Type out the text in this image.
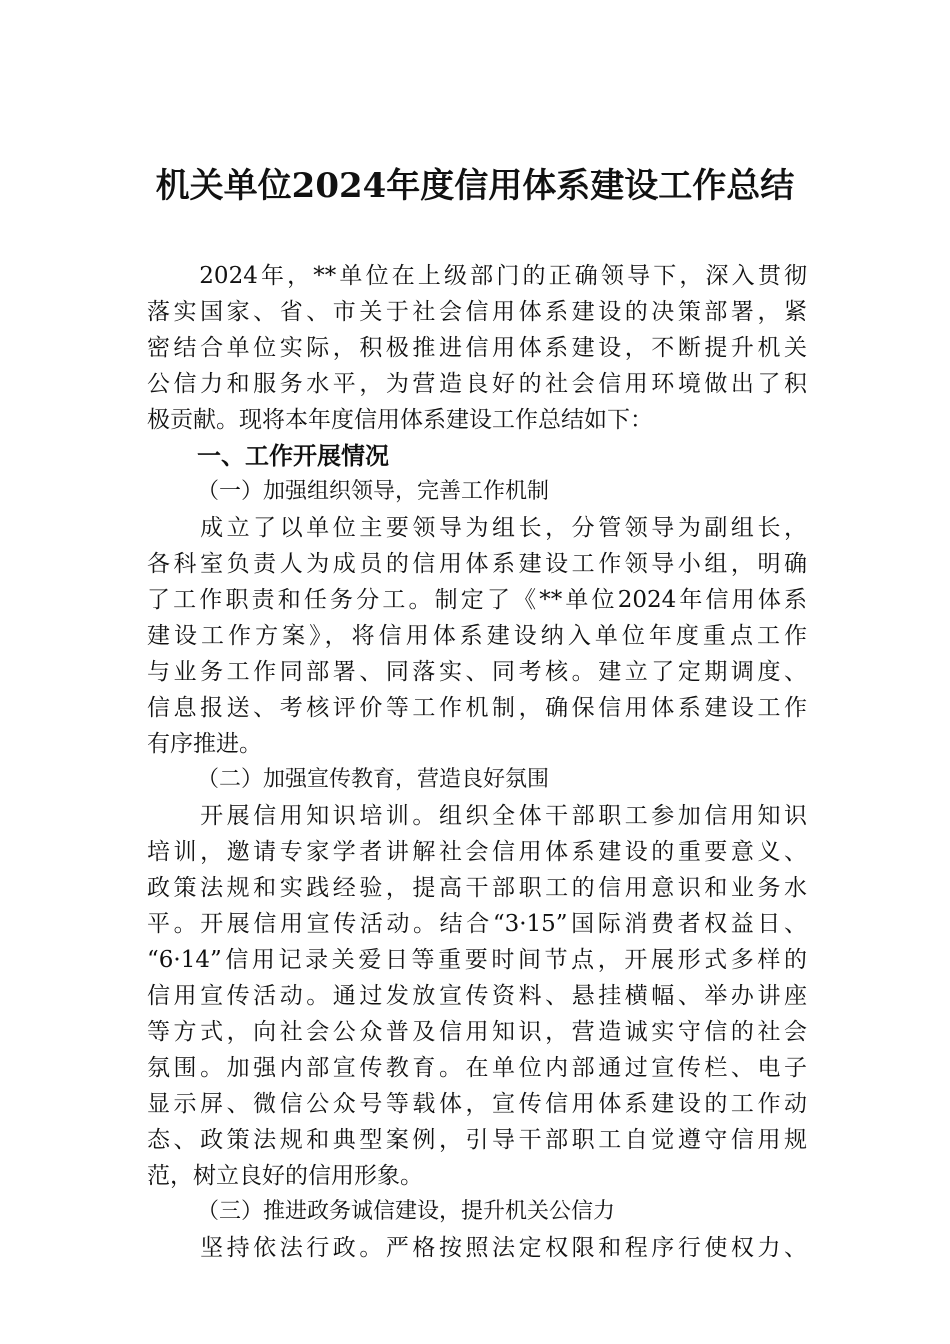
机关单位2024年度信用体系建设工作总结
　　2024年，**单位在上级部门的正确领导下，深入贯彻
落实国家、省、市关于社会信用体系建设的决策部署，紧
密结合单位实际，积极推进信用体系建设，不断提升机关
公信力和服务水平，为营造良好的社会信用环境做出了积
极贡献。现将本年度信用体系建设工作总结如下：
一、工作开展情况
（一）加强组织领导，完善工作机制
　　成立了以单位主要领导为组长，分管领导为副组长，
各科室负责人为成员的信用体系建设工作领导小组，明确
了工作职责和任务分工。制定了《**单位2024年信用体系
建设工作方案》，将信用体系建设纳入单位年度重点工作
与业务工作同部署、同落实、同考核。建立了定期调度、
信息报送、考核评价等工作机制，确保信用体系建设工作
有序推进。
（二）加强宣传教育，营造良好氛围
　　开展信用知识培训。组织全体干部职工参加信用知识
培训，邀请专家学者讲解社会信用体系建设的重要意义、
政策法规和实践经验，提高干部职工的信用意识和业务水
平。开展信用宣传活动。结合“3·15”国际消费者权益日、
“6·14”信用记录关爱日等重要时间节点，开展形式多样的
信用宣传活动。通过发放宣传资料、悬挂横幅、举办讲座
等方式，向社会公众普及信用知识，营造诚实守信的社会
氛围。加强内部宣传教育。在单位内部通过宣传栏、电子
显示屏、微信公众号等载体，宣传信用体系建设的工作动
态、政策法规和典型案例，引导干部职工自觉遵守信用规
范，树立良好的信用形象。
（三）推进政务诚信建设，提升机关公信力
　　坚持依法行政。严格按照法定权限和程序行使权力、
